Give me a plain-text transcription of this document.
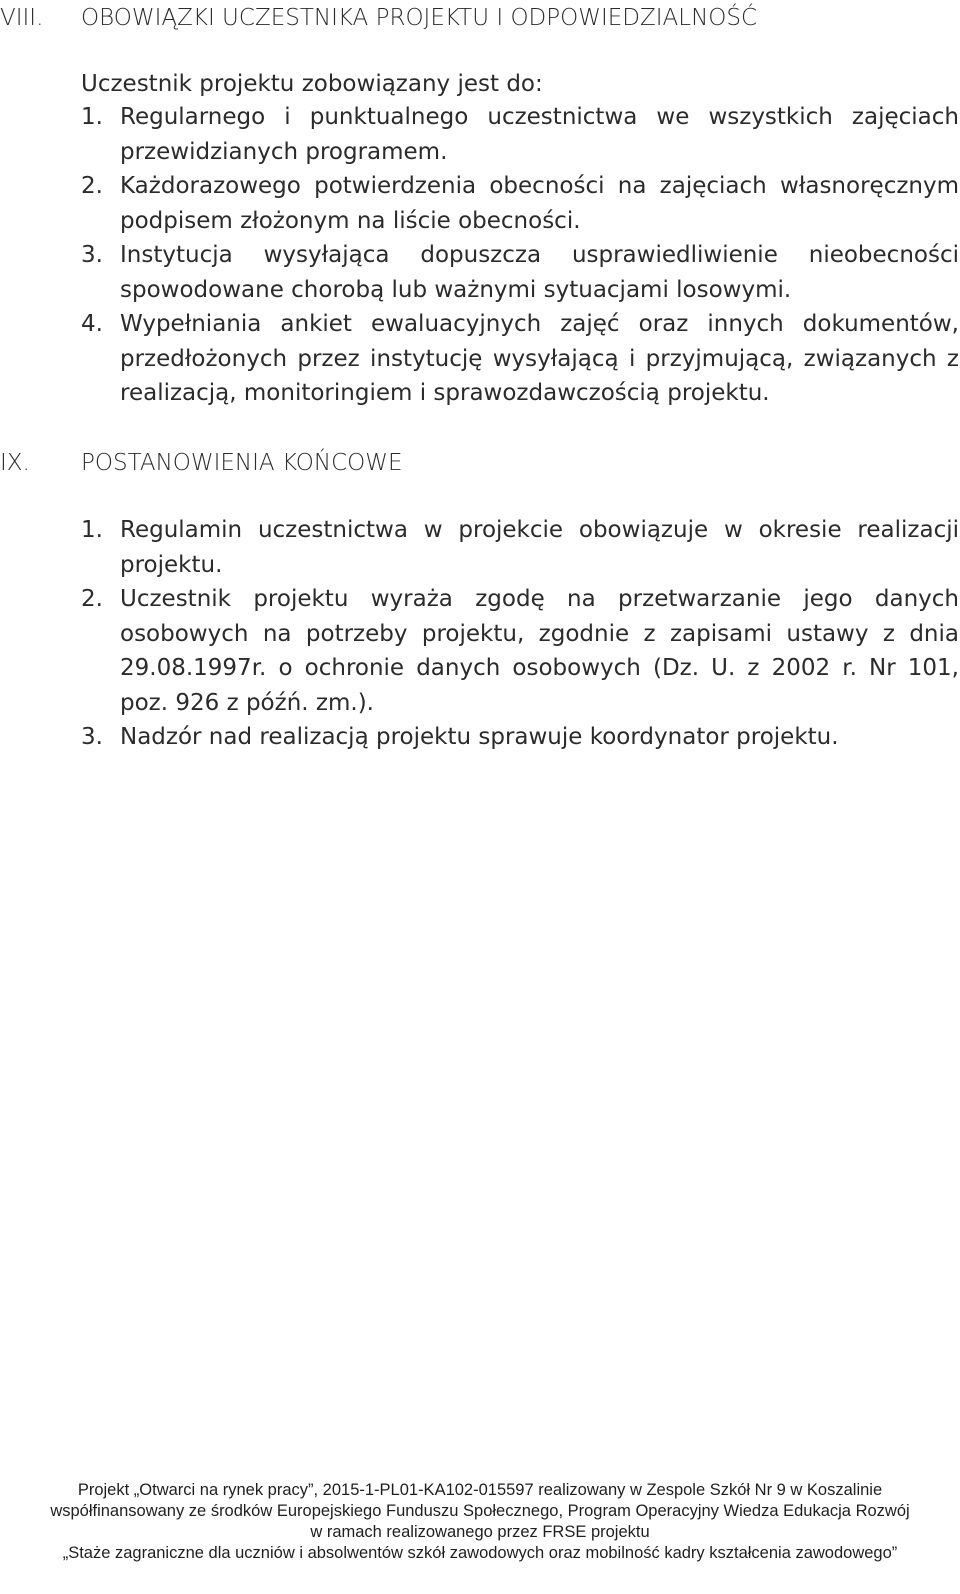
VIII. OBOWIĄZKI UCZESTNIKA PROJEKTU I ODPOWIEDZIALNOŚĆ
Uczestnik projektu zobowiązany jest do:
1. Regularnego i punktualnego uczestnictwa we wszystkich zajęciach przewidzianych programem.
2. Każdorazowego potwierdzenia obecności na zajęciach własnoręcznym podpisem złożonym na liście obecności.
3. Instytucja wysyłająca dopuszcza usprawiedliwienie nieobecności spowodowane chorobą lub ważnymi sytuacjami losowymi.
4. Wypełniania ankiet ewaluacyjnych zajęć oraz innych dokumentów, przedłożonych przez instytucję wysyłającą i przyjmującą, związanych z realizacją, monitoringiem i sprawozdawczością projektu.
IX. POSTANOWIENIA KOŃCOWE
1. Regulamin uczestnictwa w projekcie obowiązuje w okresie realizacji projektu.
2. Uczestnik projektu wyraża zgodę na przetwarzanie jego danych osobowych na potrzeby projektu, zgodnie z zapisami ustawy z dnia 29.08.1997r. o ochronie danych osobowych (Dz. U. z 2002 r. Nr 101, poz. 926 z późń. zm.).
3. Nadzór nad realizacją projektu sprawuje koordynator projektu.
Projekt „Otwarci na rynek pracy”, 2015-1-PL01-KA102-015597 realizowany w Zespole Szkół Nr 9 w Koszalinie
współfinansowany ze środków Europejskiego Funduszu Społecznego, Program Operacyjny Wiedza Edukacja Rozwój
w ramach realizowanego przez FRSE projektu
„Staże zagraniczne dla uczniów i absolwentów szkół zawodowych oraz mobilność kadry kształcenia zawodowego”
